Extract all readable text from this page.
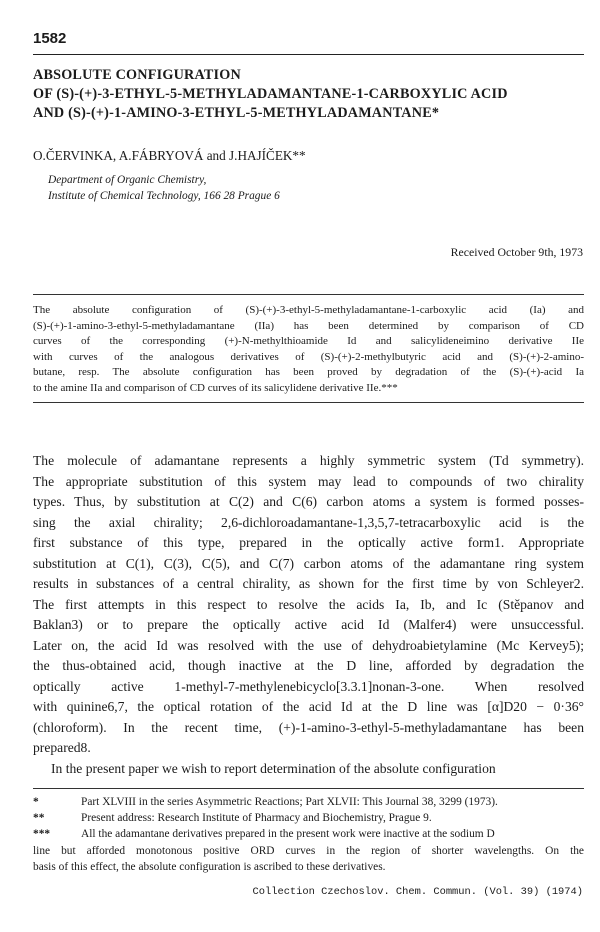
1582
ABSOLUTE CONFIGURATION
OF (S)-(+)-3-ETHYL-5-METHYLADAMANTANE-1-CARBOXYLIC ACID
AND (S)-(+)-1-AMINO-3-ETHYL-5-METHYLADAMANTANE*
O.ČERVINKA, A.FÁBRYOVÁ and J.HAJÍČEK**
Department of Organic Chemistry,
Institute of Chemical Technology, 166 28 Prague 6
Received October 9th, 1973
The absolute configuration of (S)-(+)-3-ethyl-5-methyladamantane-1-carboxylic acid (Ia) and
(S)-(+)-1-amino-3-ethyl-5-methyladamantane (IIa) has been determined by comparison of CD
curves of the corresponding (+)-N-methylthioamide Id and salicylideneimino derivative IIe
with curves of the analogous derivatives of (S)-(+)-2-methylbutyric acid and (S)-(+)-2-amino-
butane, resp. The absolute configuration has been proved by degradation of the (S)-(+)-acid Ia
to the amine IIa and comparison of CD curves of its salicylidene derivative IIe.***
The molecule of adamantane represents a highly symmetric system (Td symmetry).
The appropriate substitution of this system may lead to compounds of two chirality
types. Thus, by substitution at C(2) and C(6) carbon atoms a system is formed posses-
sing the axial chirality; 2,6-dichloroadamantane-1,3,5,7-tetracarboxylic acid is the
first substance of this type, prepared in the optically active form1. Appropriate
substitution at C(1), C(3), C(5), and C(7) carbon atoms of the adamantane ring system
results in substances of a central chirality, as shown for the first time by von Schleyer2.
The first attempts in this respect to resolve the acids Ia, Ib, and Ic (Stěpanov and
Baklan3) or to prepare the optically active acid Id (Malfer4) were unsuccessful.
Later on, the acid Id was resolved with the use of dehydroabietylamine (Mc Kervey5);
the thus-obtained acid, though inactive at the D line, afforded by degradation the
optically active 1-methyl-7-methylenebicyclo[3.3.1]nonan-3-one. When resolved
with quinine6,7, the optical rotation of the acid Id at the D line was [α]D20 − 0·36°
(chloroform). In the recent time, (+)-1-amino-3-ethyl-5-methyladamantane has been
prepared8.
In the present paper we wish to report determination of the absolute configuration
*	Part XLVIII in the series Asymmetric Reactions; Part XLVII: This Journal 38, 3299 (1973).
**	Present address: Research Institute of Pharmacy and Biochemistry, Prague 9.
***	All the adamantane derivatives prepared in the present work were inactive at the sodium D
line but afforded monotonous positive ORD curves in the region of shorter wavelengths. On the
basis of this effect, the absolute configuration is ascribed to these derivatives.
Collection Czechoslov. Chem. Commun. (Vol. 39) (1974)
